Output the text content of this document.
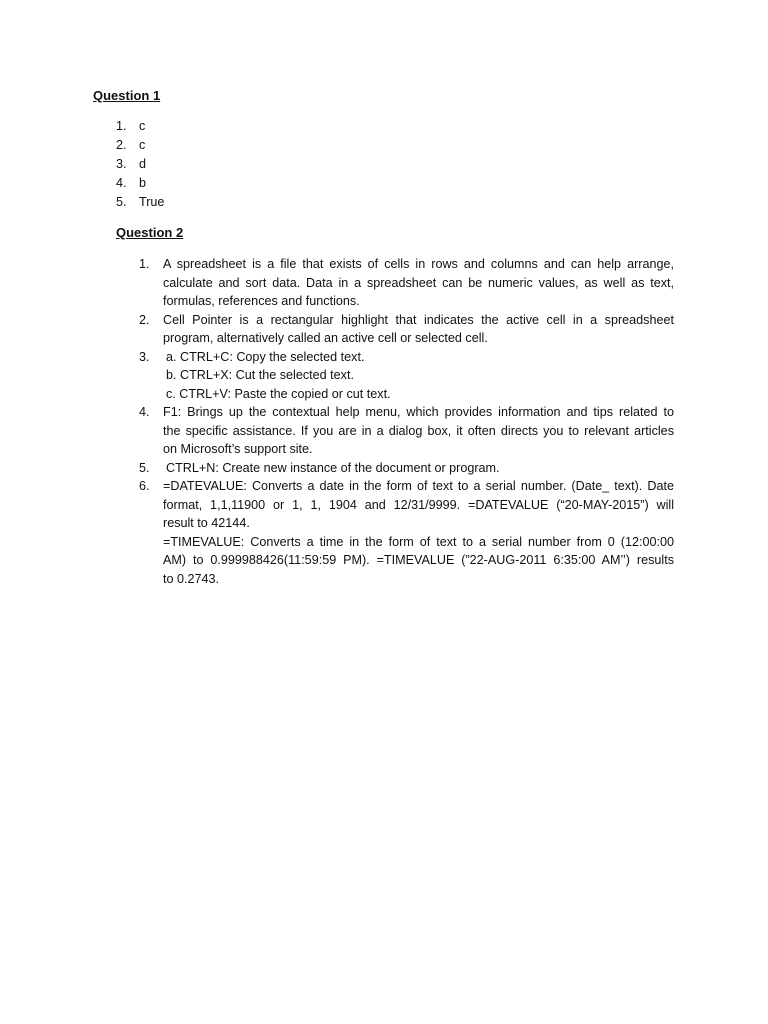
Question 1
1. c
2. c
3. d
4. b
5. True
Question 2
1. A spreadsheet is a file that exists of cells in rows and columns and can help arrange,
calculate and sort data. Data in a spreadsheet can be numeric values, as well as text,
formulas, references and functions.
2. Cell Pointer is a rectangular highlight that indicates the active cell in a spreadsheet
program, alternatively called an active cell or selected cell.
3. a. CTRL+C: Copy the selected text.
b. CTRL+X: Cut the selected text.
c. CTRL+V: Paste the copied or cut text.
4. F1: Brings up the contextual help menu, which provides information and tips related to
the specific assistance. If you are in a dialog box, it often directs you to relevant articles
on Microsoft’s support site.
5. CTRL+N: Create new instance of the document or program.
6. =DATEVALUE: Converts a date in the form of text to a serial number. (Date_ text). Date
format, 1,1,11900 or 1, 1, 1904 and 12/31/9999. =DATEVALUE (“20-MAY-2015”) will
result to 42144.
=TIMEVALUE: Converts a time in the form of text to a serial number from 0 (12:00:00
AM) to 0.999988426(11:59:59 PM). =TIMEVALUE (”22-AUG-2011 6:35:00 AM’’) results
to 0.2743.
